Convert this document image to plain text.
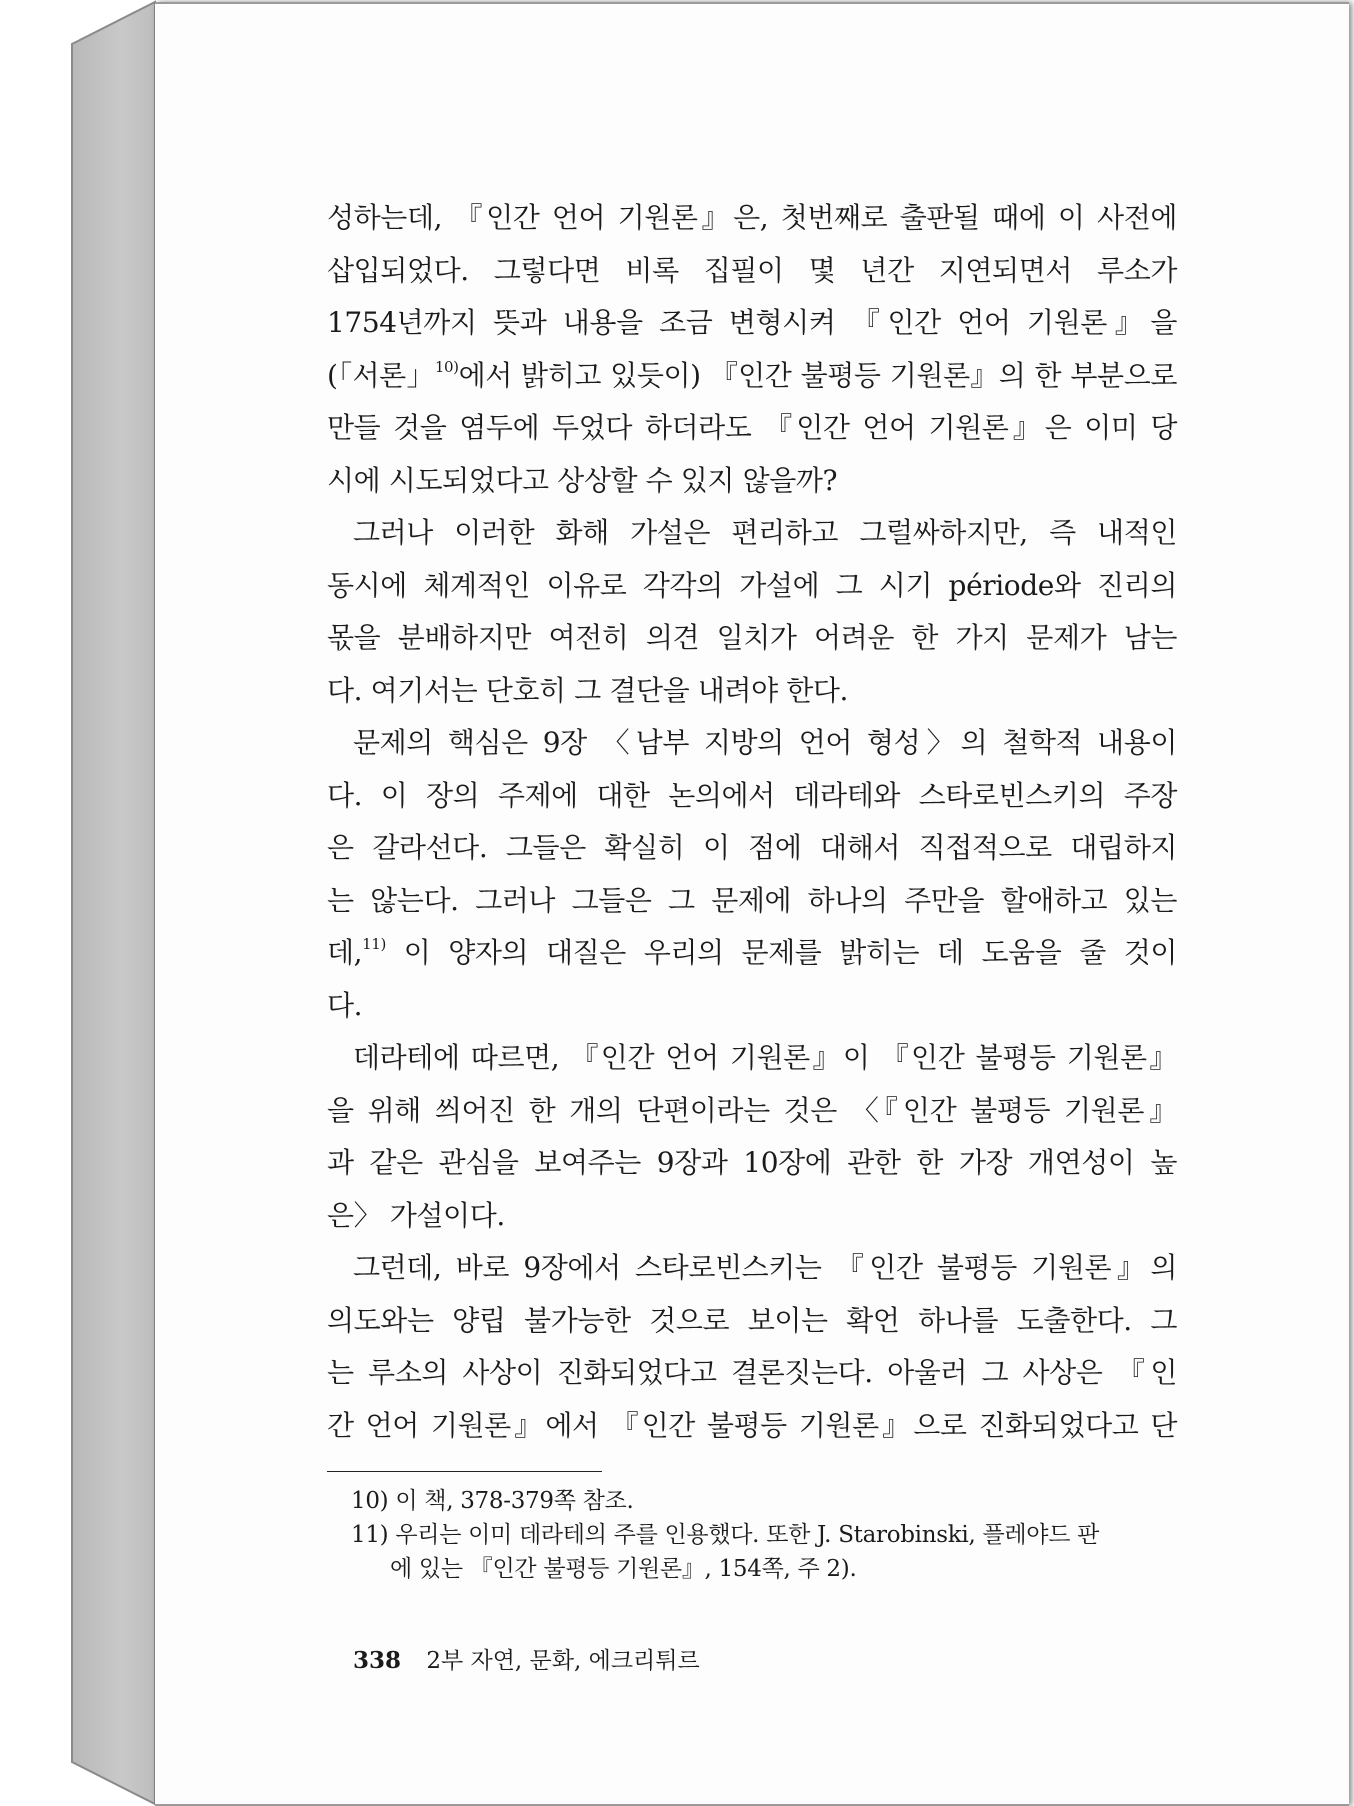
성하는데, 『인간 언어 기원론』은, 첫번째로 출판될 때에 이 사전에
삽입되었다. 그렇다면 비록 집필이 몇 년간 지연되면서 루소가
1754년까지 뜻과 내용을 조금 변형시켜 『인간 언어 기원론』을
(「서론」$^{10)}$에서 밝히고 있듯이) 『인간 불평등 기원론』의 한 부분으로
만들 것을 염두에 두었다 하더라도 『인간 언어 기원론』은 이미 당
시에 시도되었다고 상상할 수 있지 않을까?
그러나 이러한 화해 가설은 편리하고 그럴싸하지만, 즉 내적인
동시에 체계적인 이유로 각각의 가설에 그 시기 période와 진리의
몫을 분배하지만 여전히 의견 일치가 어려운 한 가지 문제가 남는
다. 여기서는 단호히 그 결단을 내려야 한다.
문제의 핵심은 9장 〈남부 지방의 언어 형성〉의 철학적 내용이
다. 이 장의 주제에 대한 논의에서 데라테와 스타로빈스키의 주장
은 갈라선다. 그들은 확실히 이 점에 대해서 직접적으로 대립하지
는 않는다. 그러나 그들은 그 문제에 하나의 주만을 할애하고 있는
데,$^{11)}$ 이 양자의 대질은 우리의 문제를 밝히는 데 도움을 줄 것이
다.
데라테에 따르면, 『인간 언어 기원론』이 『인간 불평등 기원론』
을 위해 씌어진 한 개의 단편이라는 것은 〈『인간 불평등 기원론』
과 같은 관심을 보여주는 9장과 10장에 관한 한 가장 개연성이 높
은〉 가설이다.
그런데, 바로 9장에서 스타로빈스키는 『인간 불평등 기원론』의
의도와는 양립 불가능한 것으로 보이는 확언 하나를 도출한다. 그
는 루소의 사상이 진화되었다고 결론짓는다. 아울러 그 사상은 『인
간 언어 기원론』에서 『인간 불평등 기원론』으로 진화되었다고 단
10) 이 책, 378-379쪽 참조.
11) 우리는 이미 데라테의 주를 인용했다. 또한 J. Starobinski, 플레야드 판
에 있는 『인간 불평등 기원론』, 154쪽, 주 2).
338 2부 자연, 문화, 에크리튀르
